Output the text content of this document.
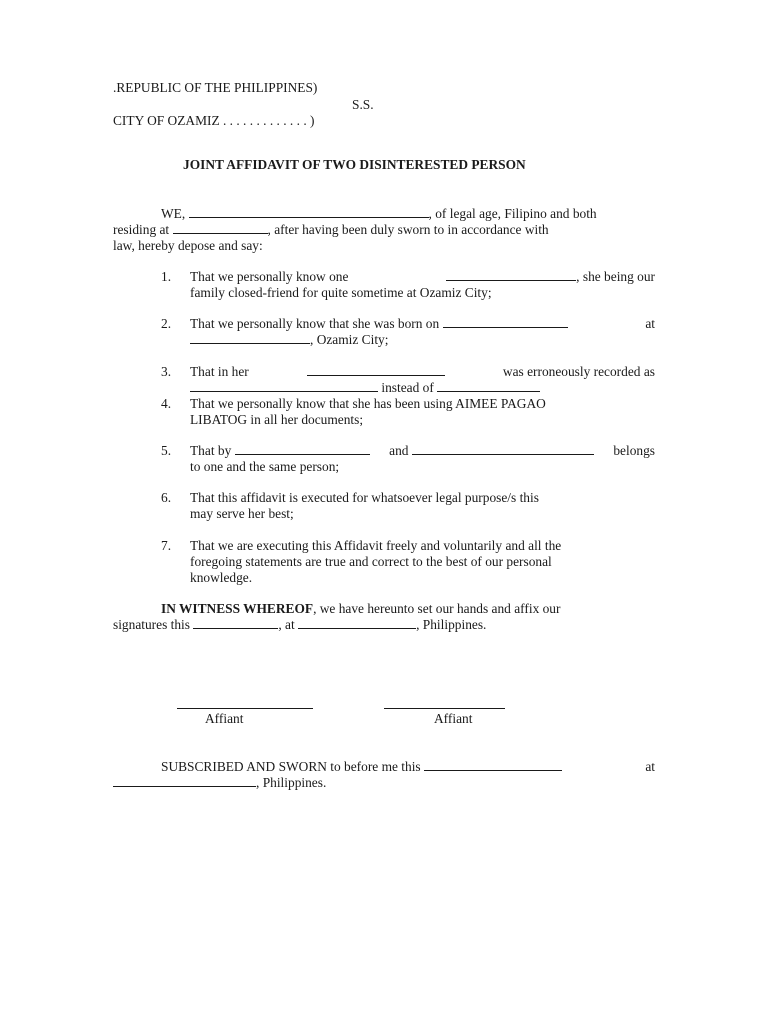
.REPUBLIC OF THE PHILIPPINES)
S.S.
CITY OF OZAMIZ . . . . . . . . . . . . . )
JOINT AFFIDAVIT OF TWO DISINTERESTED PERSON
WE,	, of legal age, Filipino and both
residing at	, after having been duly sworn to in accordance with
law, hereby depose and say:
1.	That we personally know one	, she being our
family closed-friend for quite sometime at Ozamiz City;
2.	That we personally know that she was born on	at
, Ozamiz City;
3.	That in her	was erroneously recorded as
instead of
4.	That we personally know that she has been using AIMEE PAGAO
LIBATOG in all her documents;
5.	That by	and	belongs
to one and the same person;
6.	That this affidavit is executed for whatsoever legal purpose/s this
may serve her best;
7.	That we are executing this Affidavit freely and voluntarily and all the
foregoing statements are true and correct to the best of our personal
knowledge.
IN WITNESS WHEREOF, we have hereunto set our hands and affix our
signatures this	, at	, Philippines.
Affiant	Affiant
SUBSCRIBED AND SWORN to before me this	at
, Philippines.
